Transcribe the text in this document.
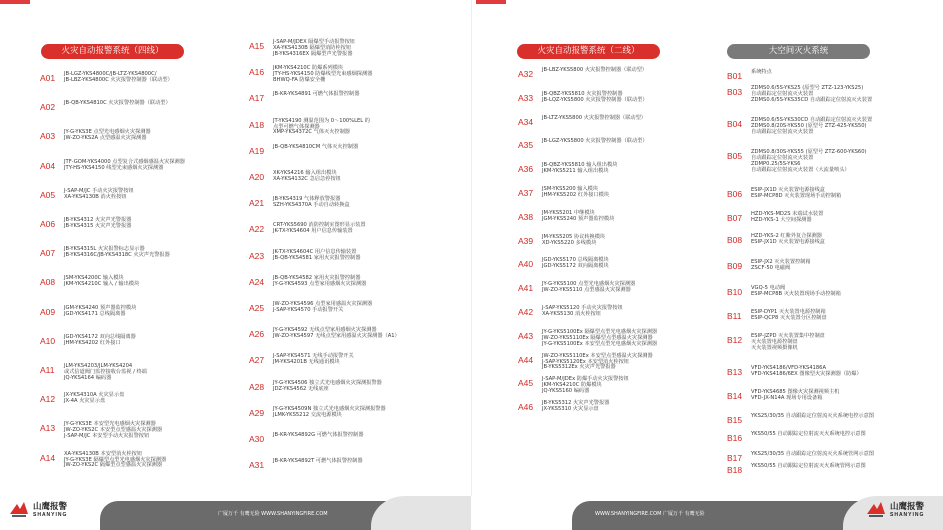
火灾自动报警系统（四线）	火灾自动报警系统（二线）	大空间灭火系统
A01	JB-LGZ-YKS4800C/JB-LTZ-YKS4800C/
JB-LBZ-YKS4800C 火灾报警控制器（联动型）
A02	JB-QB-YKS4810C 火灾报警控制器（联动型）
A03	JY-G-YKS3E 点型光电感烟火灾探测器
JW-ZO-YKS2A 点型感温火灾探测器
A04	JTF-GOM-YKS4000 点型复合式感烟感温火灾探测器
JTY-HS-YKS4150 线型光束感烟火灾探测器
A05	J-SAP-M/JC 手动火灾报警按钮
XA-YKS4130B 消火栓按钮
A06	JB-YKS4312 火灾声光警报器
JB-YKS4315 火灾声光警报器
A07	JB-YKS4315L 火灾报警标志显示器
JB-YKS4316C/JB-YKS4318C 火灾声光警报器
A08	JSM-YKS4200C 输入模块
JKM-YKS4210C 输入 / 输出模块
A09	JGM-YKS4240 预声器监控模块
JGD-YKS4171 总线隔离器
A10	JGD-YKS4172 双向总线隔离器
JHM-YKS4202 红外接口
A11	JLM-YKS4203/JLM-YKS4204
或式信道阀门监控接收台监视 / 终端
JQ-YKS4164 编码器
A12	JX-YKS4310A 火灾显示盘
JX-4A 火灾显示盘
A13	JY-G-YKS3E 本安型光电感烟火灾探测器
JW-ZO-YKS2C 本安型点型感温火灾探测器
J-SAP-M/JC 本安型手动火灾报警按钮
A14	XA-YKS4130B 本安型消火栓按钮
JY-G-YKS3E 隔爆型点型光电感烟火灾探测器
JW-ZO-YKS2C 隔爆型点型感温火灾探测器
A15	J-SAP-M/JDEX 隔爆型手动报警按钮
XA-YKS4130B 隔爆型消防栓按钮
JB-YKS4316EX 隔爆型声光警报器
A16	JKM-YKS4210C 防爆系列模块
JTY-HS-YKS4150 防爆线型光束感烟探测器
BHWQ-FA 防爆安全栅
A17	JB-KR-YKS4891 可燃气体报警控制器
A18	JT-YKS4190 测温范围为 0～100%LEL 的
点型可燃气体探测器
XMP-YKS4372C 气体灭火控制器
A19	JB-QB-YKS4810CM 气体灭火控制器
A20	XK-YKS4216 输入组出模块
XA-YKS4132C 急启急停按钮
A21	JB-YKS4319 气体释放警报器
SZH-YKS4370A 手动自动转换盒
A22	CRT-YKS5690 消防控制室图形显示装置
JK-TX-YKS4604 用户信息传输装置
A23	JK-TX-YKS4604C 用户信息传输装置
JB-QB-YKS4581 家用火灾报警控制器
A24	JB-QB-YKS4582 家用火灾报警控制器
JY-G-YKS4593 点型家用感烟火灾探测器
A25	JW-ZO-YKS4596 点型家用感温火灾探测器
J-SAP-YKS4570 手动报警开关
A26	JY-G-YKS4592 无线点型家用感烟火灾探测器
JW-ZO-YKS4597 无线点型家用感温火灾探测器（A1）
A27	J-SAP-YKS4571 无线手动报警开关
JM-YKS4201B 无线通讯模块
A28	JY-G-YKS4506 独立式光电感烟火灾探测报警器
JDZ-YKS4562 无线底座
A29	JY-G-YKS4509N 独立式光电感烟火灾探测报警器
JLMK-YKS5212 交流电源模块
A30	JB-KR-YKS4892G 可燃气体报警控制器
A31	JB-KR-YKS4892T 可燃气体报警控制器
A32	JB-LBZ-YKS5800 火灾报警控制器（联动型）
A33	JB-QBZ-YKS5810 火灾报警控制器
JB-LQZ-YKS5800 火灾报警控制器（联动型）
A34	JB-LTZ-YKS5800 火灾报警控制器（联动型）
A35	JB-LGZ-YKS5800 火灾报警控制器（联动型）
A36	JB-QBZ-YKS5810 输入组出模块
JKM-YKS5211 输入组出模块
A37	JSM-YKS5200 输入模块
JHM-YKS5202 红外接口模块
A38	JM-YKS5201 中继模块
JGM-YKS5240 预声器监控模块
A39	JM-YKS5205 协议转换模块
XD-YKS5220 多线模块
A40	JGD-YKS5170 总线隔离模块
JGD-YKS5172 双向隔离模块
A41	JY-G-YKS5100 点型光电感烟火灾探测器
JW-ZO-YKS5110 点型感温火灾探测器
A42	J-SAP-YKS5120 手动火灾报警按钮
XA-YKS5130 消火栓按钮
A43	JY-G-YKS5100Ex 隔爆型点型光电感烟火灾探测器
JW-ZO-YKS5110Ex 隔爆型点型感温火灾探测器
JY-G-YKS5100Ex 本安型点型光电感烟火灾探测器
A44	JW-ZO-YKS5110Ex 本安型点型感温火灾探测器
J-SAP-YKS5120Ex 本安型消火栓按钮
JB-YKS5312Ex 火灾声光警报器
A45	J-SAP-M/JDEx 防爆手动火灾报警按钮
JKM-YKS4210C 防爆模块
JQ-YKS5160 编码器
A46	JB-YKS5312 火灾声光警报器
JX-YKS5310 火灾显示盘
B01	系统特点
B03	ZDMS0.6/5S-YKS25 (原型号 ZTZ-123-YKS25)
自动跟踪定位射流灭火装置
ZDMS0.6/5S-YKS35CD 自动跟踪定位射流灭火装置
B04	ZDMS0.6/5S-YKS30CD 自动跟踪定位射流灭火装置
ZDMS0.8/20S-YKS50 (原型号 ZTZ-425-YKS50)
自动跟踪定位射流灭火装置
B05	ZDMS0.8/30S-YKS55 (原型号 ZTZ-600-YKS60)
自动跟踪定位射流灭火装置
ZDMP0.25/5S-YKS6
自动跟踪定位射流灭火装置（大流量喷头）
B06	ESIP-JX1D 灭火装置电源接线盒
ESIP-MCP8D 灭火装置现场手动控制箱
B07	HZD-YKS-MD2S 末端试水装置
HZD-YKS-1 大空间探测器
B08	HZD-YKS-2 红紫外复合探测器
ESIP-JX1D 灭火装置电源接线盒
B09	ESIP-JX2 灭火装置控制箱
ZSCF-50 电磁阀
B10	VGQ-5 电动阀
ESIP-MCP8B 灭火装置现场手动控制箱
B11	ESIP-DYP1 灭火装置电源控制箱
ESIP-QCP8 灭火装置分区控制盘
B12	ESIP-JZPD 灭火装置集中控制盘
灭火装置电源控制盘
灭火装置视频摄像机
B13	VFD-YKS4186/VFD-YKS4186A
VFD-YKS4186/6EX 图像型火灾探测器（防爆）
B14	VFD-YKS4685 图像火灾探测视频主机
VFD-JX-N14A 现场专用设备箱
B15	YKS25/30/35 自动跟踪定位射流灭火系统电控示意图
B16	YKS50/55 自动跟踪定位射流灭火系统电控示意图
B17	YKS25/30/35 自动跟踪定位射流灭火系统管网示意图
B18	YKS50/55 自动跟踪定位射流灭火系统管网示意图
广厦万千 有鹰无险 WWW.SHANYINGFIRE.COM	WWW.SHANYINGFIRE.COM 广厦万千 有鹰无险
山鹰报警
SHANYING
山鹰报警
SHANYING
